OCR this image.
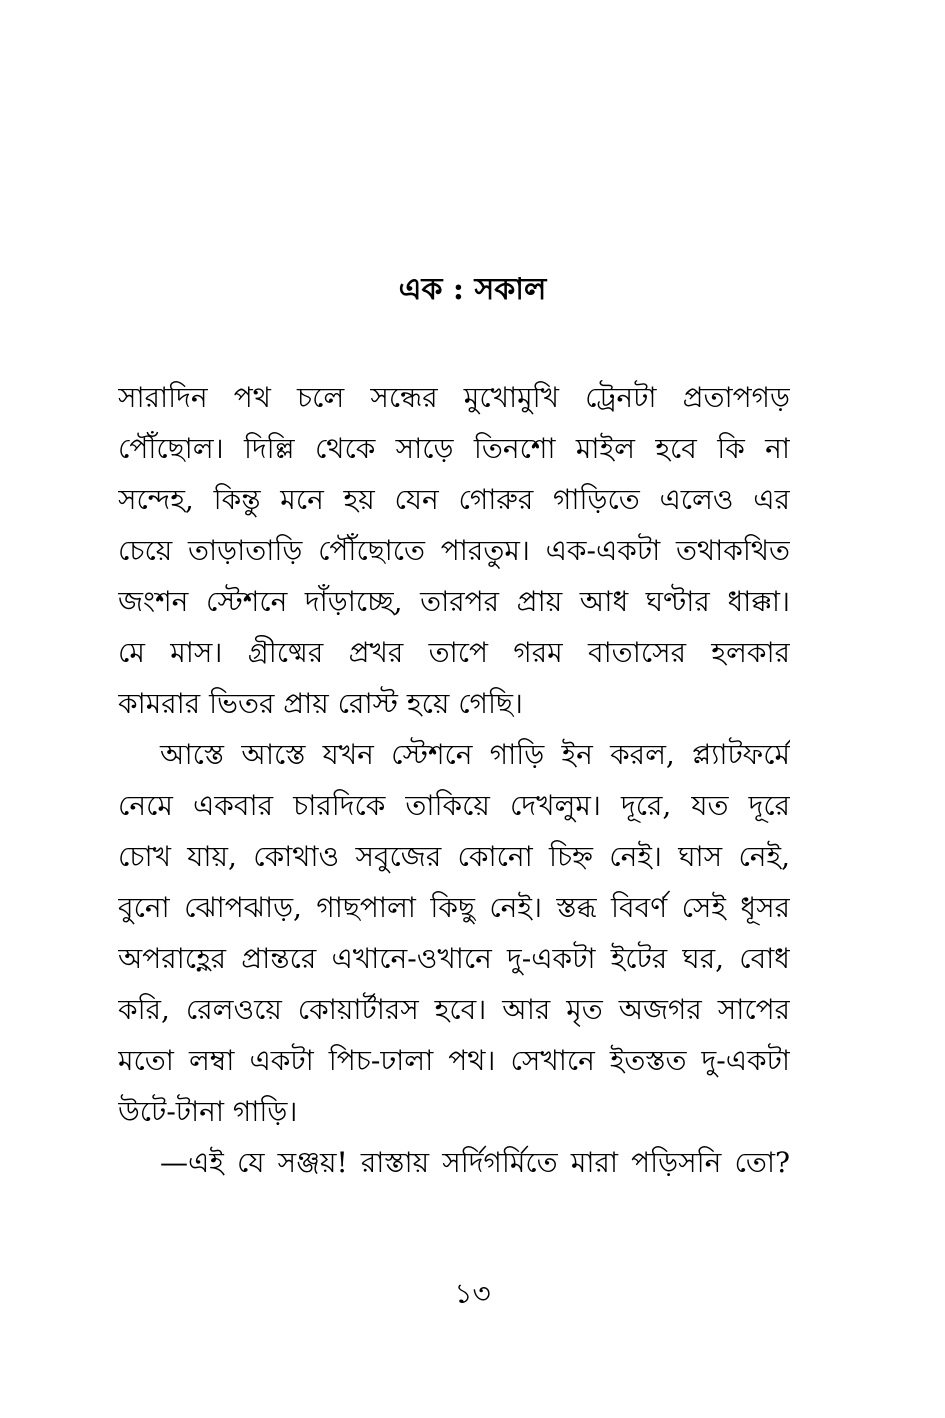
এক : সকাল
সারাদিন পথ চলে সন্ধের মুখোমুখি ট্রেনটা প্রতাপগড়
পৌঁছোল। দিল্লি থেকে সাড়ে তিনশো মাইল হবে কি না
সন্দেহ, কিন্তু মনে হয় যেন গোরুর গাড়িতে এলেও এর
চেয়ে তাড়াতাড়ি পৌঁছোতে পারতুম। এক-একটা তথাকথিত
জংশন স্টেশনে দাঁড়াচ্ছে, তারপর প্রায় আধ ঘণ্টার ধাক্কা।
মে মাস। গ্রীষ্মের প্রখর তাপে গরম বাতাসের হলকার
কামরার ভিতর প্রায় রোস্ট হয়ে গেছি।
আস্তে আস্তে যখন স্টেশনে গাড়ি ইন করল, প্ল্যাটফর্মে
নেমে একবার চারদিকে তাকিয়ে দেখলুম। দূরে, যত দূরে
চোখ যায়, কোথাও সবুজের কোনো চিহ্ন নেই। ঘাস নেই,
বুনো ঝোপঝাড়, গাছপালা কিছু নেই। স্তব্ধ বিবর্ণ সেই ধূসর
অপরাহ্ণের প্রান্তরে এখানে-ওখানে দু-একটা ইটের ঘর, বোধ
করি, রেলওয়ে কোয়ার্টারস হবে। আর মৃত অজগর সাপের
মতো লম্বা একটা পিচ-ঢালা পথ। সেখানে ইতস্তত দু-একটা
উটে-টানা গাড়ি।
—এই যে সঞ্জয়! রাস্তায় সর্দিগর্মিতে মারা পড়িসনি তো?
১৩
